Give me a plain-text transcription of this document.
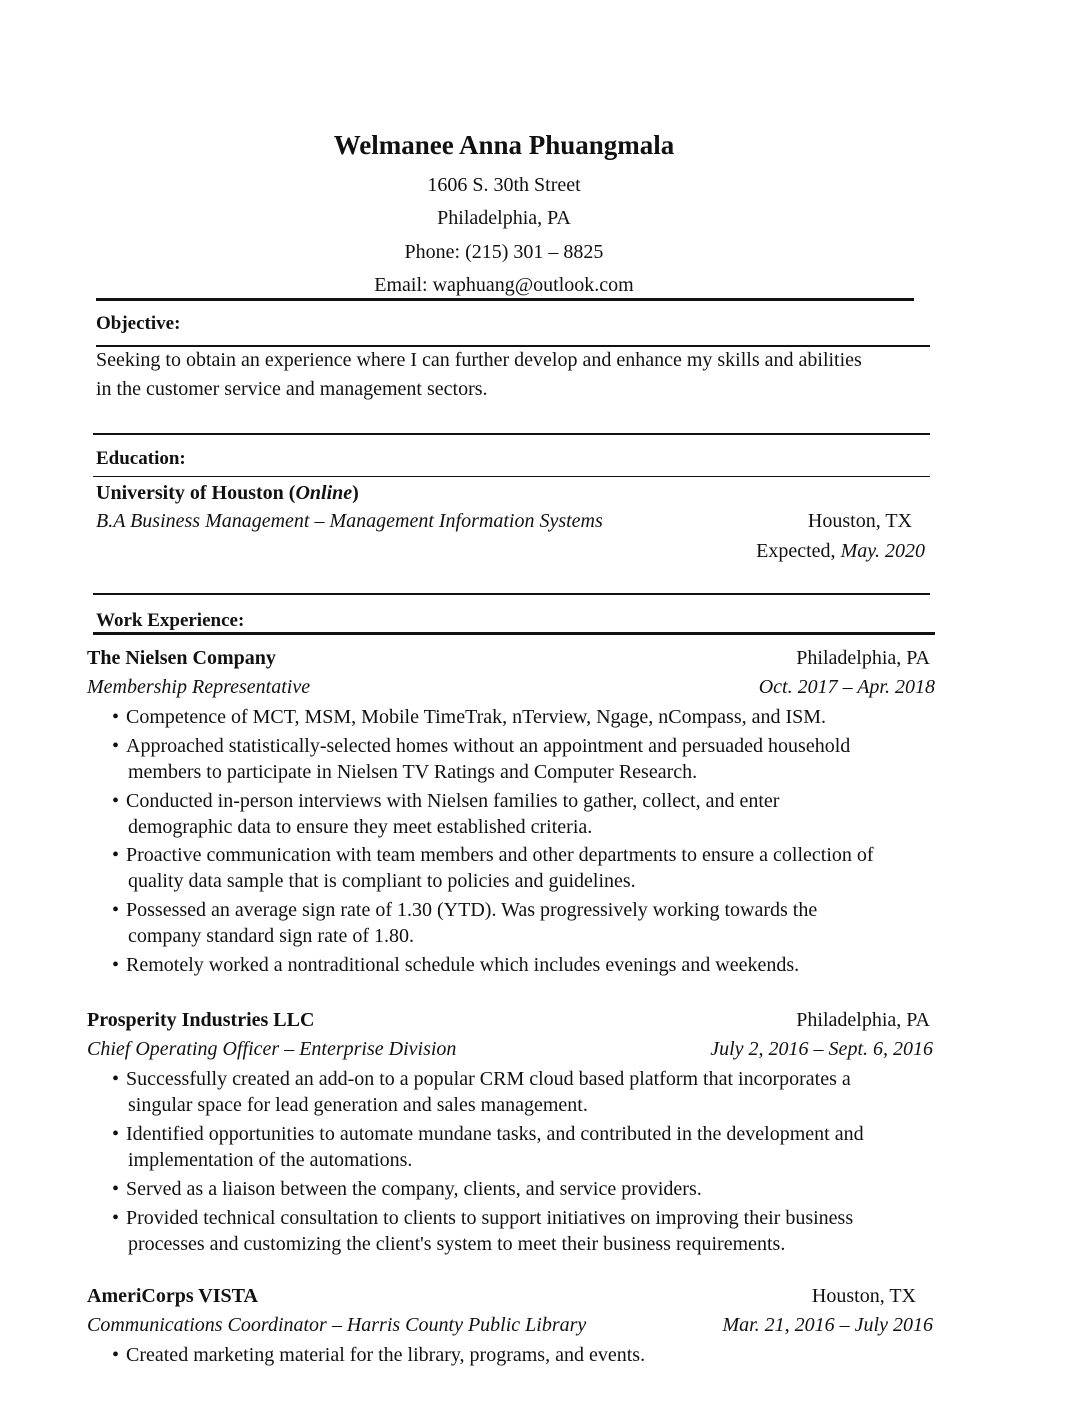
Welmanee Anna Phuangmala
1606 S. 30th Street
Philadelphia, PA
Phone: (215) 301 – 8825
Email: waphuang@outlook.com
Objective:
Seeking to obtain an experience where I can further develop and enhance my skills and abilities
in the customer service and management sectors.
Education:
University of Houston (Online)
B.A Business Management – Management Information Systems	Houston, TX
Expected, May. 2020
Work Experience:
The Nielsen Company	Philadelphia, PA
Membership Representative	Oct. 2017 – Apr. 2018
• Competence of MCT, MSM, Mobile TimeTrak, nTerview, Ngage, nCompass, and ISM.
• Approached statistically-selected homes without an appointment and persuaded household
members to participate in Nielsen TV Ratings and Computer Research.
• Conducted in-person interviews with Nielsen families to gather, collect, and enter
demographic data to ensure they meet established criteria.
• Proactive communication with team members and other departments to ensure a collection of
quality data sample that is compliant to policies and guidelines.
• Possessed an average sign rate of 1.30 (YTD). Was progressively working towards the
company standard sign rate of 1.80.
• Remotely worked a nontraditional schedule which includes evenings and weekends.
Prosperity Industries LLC	Philadelphia, PA
Chief Operating Officer – Enterprise Division	July 2, 2016 – Sept. 6, 2016
• Successfully created an add-on to a popular CRM cloud based platform that incorporates a
singular space for lead generation and sales management.
• Identified opportunities to automate mundane tasks, and contributed in the development and
implementation of the automations.
• Served as a liaison between the company, clients, and service providers.
• Provided technical consultation to clients to support initiatives on improving their business
processes and customizing the client's system to meet their business requirements.
AmeriCorps VISTA	Houston, TX
Communications Coordinator – Harris County Public Library	Mar. 21, 2016 – July 2016
• Created marketing material for the library, programs, and events.
